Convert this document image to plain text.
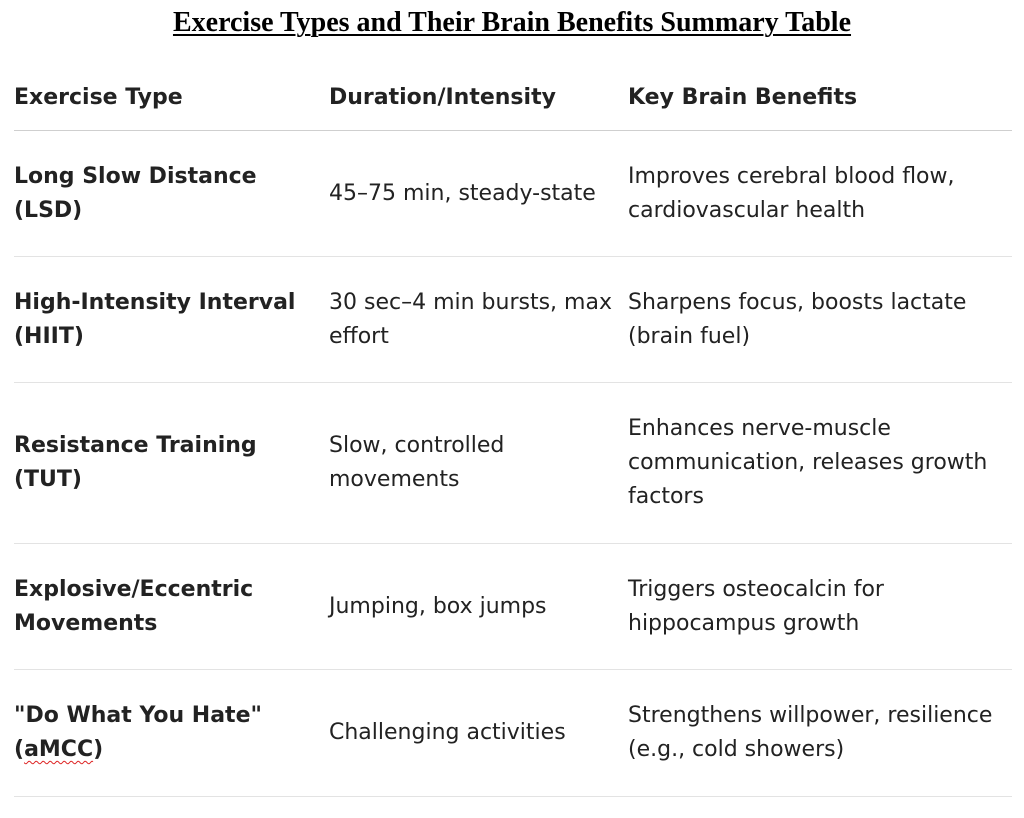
Exercise Types and Their Brain Benefits Summary Table
Exercise Type	Duration/Intensity	Key Brain Benefits
Long Slow Distance
(LSD)
45–75 min, steady-state
Improves cerebral blood flow, cardiovascular health
High-Intensity Interval
(HIIT)
30 sec–4 min bursts, max effort
Sharpens focus, boosts lactate (brain fuel)
Resistance Training
(TUT)
Slow, controlled movements
Enhances nerve-muscle communication, releases growth factors
Explosive/Eccentric
Movements
Jumping, box jumps
Triggers osteocalcin for hippocampus growth
"Do What You Hate"
(aMCC)
Challenging activities
Strengthens willpower, resilience (e.g., cold showers)
